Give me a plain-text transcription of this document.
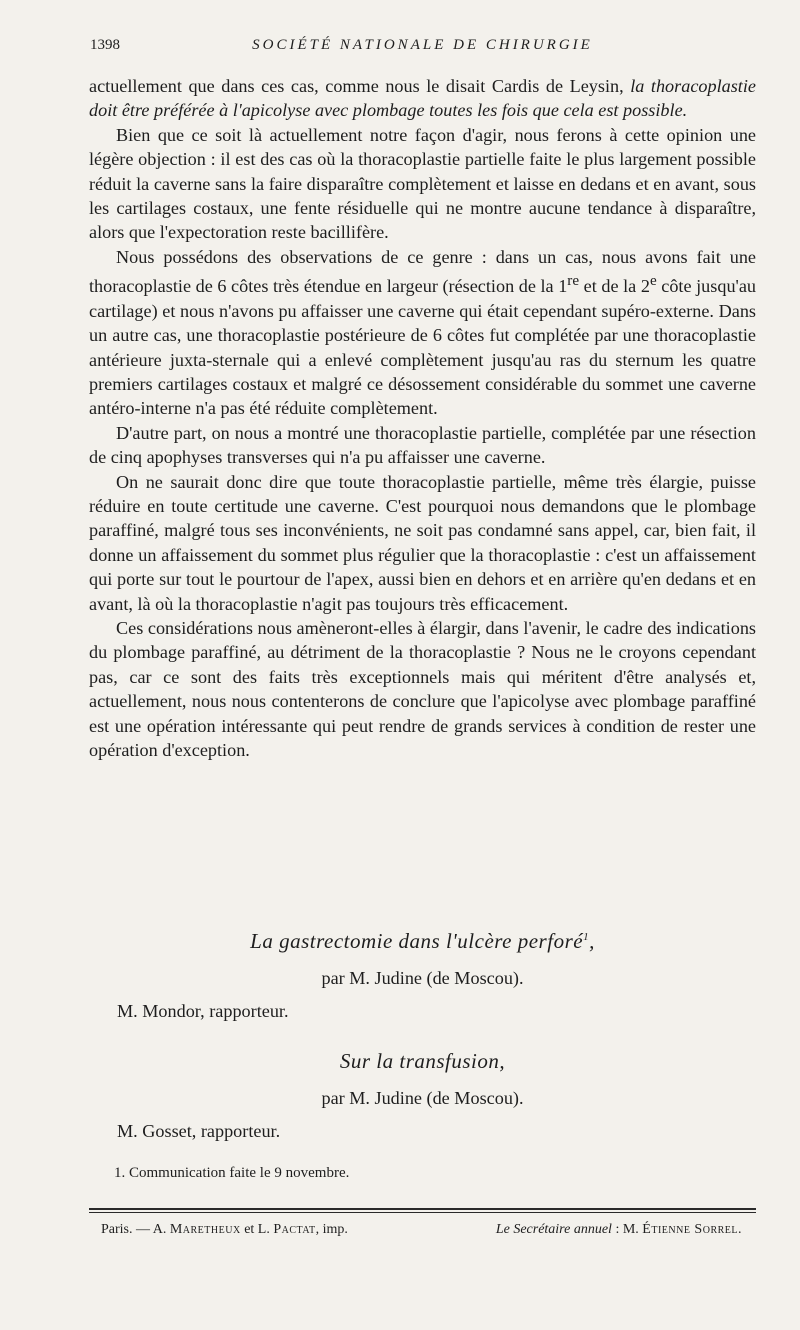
1398	SOCIÉTÉ NATIONALE DE CHIRURGIE

actuellement que dans ces cas, comme nous le disait Cardis de Leysin, la thoracoplastie doit être préférée à l'apicolyse avec plombage toutes les fois que cela est possible.

Bien que ce soit là actuellement notre façon d'agir, nous ferons à cette opinion une légère objection : il est des cas où la thoracoplastie partielle faite le plus largement possible réduit la caverne sans la faire disparaître complètement et laisse en dedans et en avant, sous les cartilages costaux, une fente résiduelle qui ne montre aucune tendance à disparaître, alors que l'expectoration reste bacillifère.

Nous possédons des observations de ce genre : dans un cas, nous avons fait une thoracoplastie de 6 côtes très étendue en largeur (résection de la 1re et de la 2e côte jusqu'au cartilage) et nous n'avons pu affaisser une caverne qui était cependant supéro-externe. Dans un autre cas, une thoracoplastie postérieure de 6 côtes fut complétée par une thoracoplastie antérieure juxta-sternale qui a enlevé complètement jusqu'au ras du sternum les quatre premiers cartilages costaux et malgré ce désossement considérable du sommet une caverne antéro-interne n'a pas été réduite complètement.

D'autre part, on nous a montré une thoracoplastie partielle, complétée par une résection de cinq apophyses transverses qui n'a pu affaisser une caverne.

On ne saurait donc dire que toute thoracoplastie partielle, même très élargie, puisse réduire en toute certitude une caverne. C'est pourquoi nous demandons que le plombage paraffiné, malgré tous ses inconvénients, ne soit pas condamné sans appel, car, bien fait, il donne un affaissement du sommet plus régulier que la thoracoplastie : c'est un affaissement qui porte sur tout le pourtour de l'apex, aussi bien en dehors et en arrière qu'en dedans et en avant, là où la thoracoplastie n'agit pas toujours très efficacement.

Ces considérations nous amèneront-elles à élargir, dans l'avenir, le cadre des indications du plombage paraffiné, au détriment de la thoracoplastie ? Nous ne le croyons cependant pas, car ce sont des faits très exceptionnels mais qui méritent d'être analysés et, actuellement, nous nous contenterons de conclure que l'apicolyse avec plombage paraffiné est une opération intéressante qui peut rendre de grands services à condition de rester une opération d'exception.

La gastrectomie dans l'ulcère perforé$^1$,
par M. Judine (de Moscou).
M. Mondor, rapporteur.
Sur la transfusion,
par M. Judine (de Moscou).
M. Gosset, rapporteur.
1. Communication faite le 9 novembre.
Paris. — A. Maretheux et L. Pactat, imp.	Le Secrétaire annuel : M. Étienne Sorrel.
